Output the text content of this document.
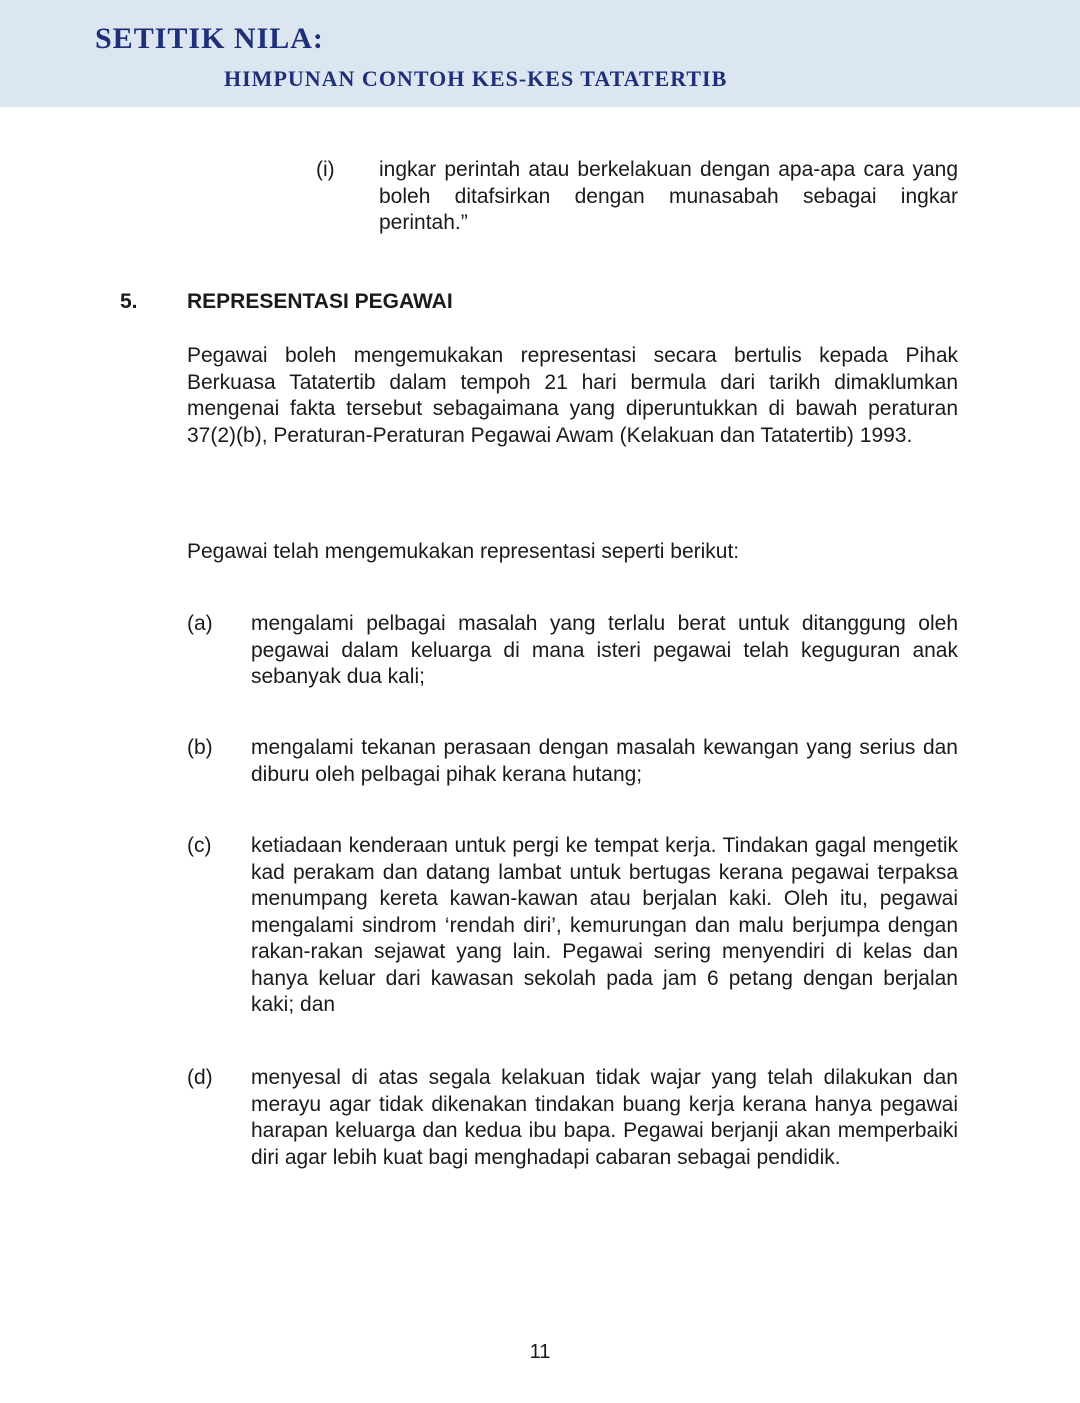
SETITIK NILA:
HIMPUNAN CONTOH KES-KES TATATERTIB
(i) ingkar perintah atau berkelakuan dengan apa-apa cara yang boleh ditafsirkan dengan munasabah sebagai ingkar perintah.”
5. REPRESENTASI PEGAWAI
Pegawai boleh mengemukakan representasi secara bertulis kepada Pihak Berkuasa Tatatertib dalam tempoh 21 hari bermula dari tarikh dimaklumkan mengenai fakta tersebut sebagaimana yang diperuntukkan di bawah peraturan 37(2)(b), Peraturan-Peraturan Pegawai Awam (Kelakuan dan Tatatertib) 1993.
Pegawai telah mengemukakan representasi seperti berikut:
(a) mengalami pelbagai masalah yang terlalu berat untuk ditanggung oleh pegawai dalam keluarga di mana isteri pegawai telah keguguran anak sebanyak dua kali;
(b) mengalami tekanan perasaan dengan masalah kewangan yang serius dan diburu oleh pelbagai pihak kerana hutang;
(c) ketiadaan kenderaan untuk pergi ke tempat kerja. Tindakan gagal mengetik kad perakam dan datang lambat untuk bertugas kerana pegawai terpaksa menumpang kereta kawan-kawan atau berjalan kaki. Oleh itu, pegawai mengalami sindrom ‘rendah diri’, kemurungan dan malu berjumpa dengan rakan-rakan sejawat yang lain. Pegawai sering menyendiri di kelas dan hanya keluar dari kawasan sekolah pada jam 6 petang dengan berjalan kaki; dan
(d) menyesal di atas segala kelakuan tidak wajar yang telah dilakukan dan merayu agar tidak dikenakan tindakan buang kerja kerana hanya pegawai harapan keluarga dan kedua ibu bapa. Pegawai berjanji akan memperbaiki diri agar lebih kuat bagi menghadapi cabaran sebagai pendidik.
11
